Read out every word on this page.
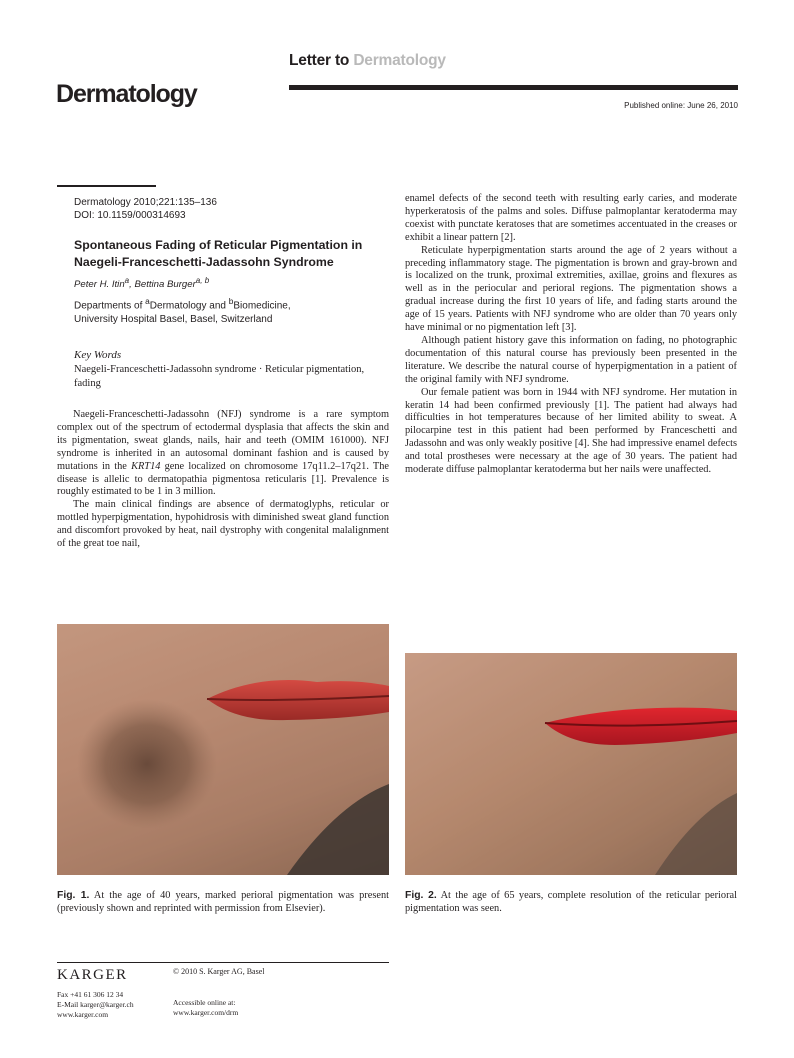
Letter to Dermatology
Dermatology	Published online: June 26, 2010
Dermatology 2010;221:135–136
DOI: 10.1159/000314693
Spontaneous Fading of Reticular Pigmentation in Naegeli-Franceschetti-Jadassohn Syndrome
Peter H. Itin$^a$, Bettina Burger$^{a, b}$
Departments of $^a$Dermatology and $^b$Biomedicine,
University Hospital Basel, Basel, Switzerland
Key Words
Naegeli-Franceschetti-Jadassohn syndrome · Reticular pigmentation, fading

Naegeli-Franceschetti-Jadassohn (NFJ) syndrome is a rare symptom complex out of the spectrum of ectodermal dysplasia that affects the skin and its pigmentation, sweat glands, nails, hair and teeth (OMIM 161000). NFJ syndrome is inherited in an autosomal dominant fashion and is caused by mutations in the KRT14 gene localized on chromosome 17q11.2–17q21. The disease is allelic to dermatopathia pigmentosa reticularis [1]. Prevalence is roughly estimated to be 1 in 3 million.

The main clinical findings are absence of dermatoglyphs, reticular or mottled hyperpigmentation, hypohidrosis with diminished sweat gland function and discomfort provoked by heat, nail dystrophy with congenital malalignment of the great toe nail,

enamel defects of the second teeth with resulting early caries, and moderate hyperkeratosis of the palms and soles. Diffuse palmoplantar keratoderma may coexist with punctate keratoses that are sometimes accentuated in the creases or exhibit a linear pattern [2].

Reticulate hyperpigmentation starts around the age of 2 years without a preceding inflammatory stage. The pigmentation is brown and gray-brown and is localized on the trunk, proximal extremities, axillae, groins and flexures as well as in the periocular and perioral regions. The pigmentation shows a gradual increase during the first 10 years of life, and fading starts around the age of 15 years. Patients with NFJ syndrome who are older than 70 years only have minimal or no pigmentation left [3].

Although patient history gave this information on fading, no photographic documentation of this natural course has previously been presented in the literature. We describe the natural course of hyperpigmentation in a patient of the original family with NFJ syndrome.

Our female patient was born in 1944 with NFJ syndrome. Her mutation in keratin 14 had been confirmed previously [1]. The patient had always had difficulties in hot temperatures because of her limited ability to sweat. A pilocarpine test in this patient had been performed by Franceschetti and Jadassohn and was only weakly positive [4]. She had impressive enamel defects and total prostheses were necessary at the age of 30 years. The patient had moderate diffuse palmoplantar keratoderma but her nails were unaffected.

Fig. 1. At the age of 40 years, marked perioral pigmentation was present (previously shown and reprinted with permission from Elsevier).
Fig. 2. At the age of 65 years, complete resolution of the reticular perioral pigmentation was seen.
KARGER	© 2010 S. Karger AG, Basel
Fax +41 61 306 12 34
E-Mail karger@karger.ch
www.karger.com
Accessible online at:
www.karger.com/drm
